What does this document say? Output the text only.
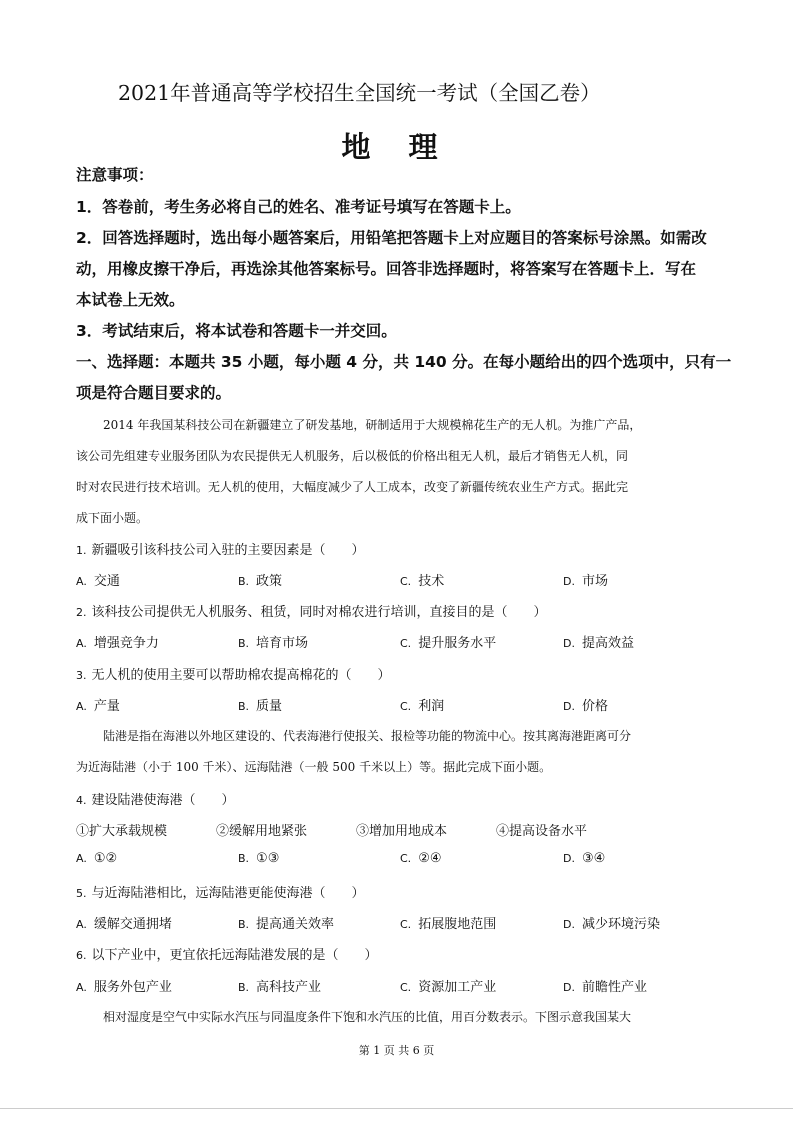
2021年普通高等学校招生全国统一考试（全国乙卷）
地 理
注意事项：
1．答卷前，考生务必将自己的姓名、准考证号填写在答题卡上。
2．回答选择题时，选出每小题答案后，用铅笔把答题卡上对应题目的答案标号涂黑。如需改
动，用橡皮擦干净后，再选涂其他答案标号。回答非选择题时，将答案写在答题卡上．写在
本试卷上无效。
3．考试结束后，将本试卷和答题卡一并交回。
一、选择题：本题共 35 小题，每小题 4 分，共 140 分。在每小题给出的四个选项中，只有一
项是符合题目要求的。
2014 年我国某科技公司在新疆建立了研发基地，研制适用于大规模棉花生产的无人机。为推广产品，
该公司先组建专业服务团队为农民提供无人机服务，后以极低的价格出租无人机，最后才销售无人机，同
时对农民进行技术培训。无人机的使用，大幅度减少了人工成本，改变了新疆传统农业生产方式。据此完
成下面小题。
1. 新疆吸引该科技公司入驻的主要因素是（　　）
A. 交通	B. 政策	C. 技术	D. 市场
2. 该科技公司提供无人机服务、租赁，同时对棉农进行培训，直接目的是（　　）
A. 增强竞争力	B. 培育市场	C. 提升服务水平	D. 提高效益
3. 无人机的使用主要可以帮助棉农提高棉花的（　　）
A. 产量	B. 质量	C. 利润	D. 价格
陆港是指在海港以外地区建设的、代表海港行使报关、报检等功能的物流中心。按其离海港距离可分
为近海陆港（小于 100 千米）、远海陆港（一般 500 千米以上）等。据此完成下面小题。
4. 建设陆港使海港（　　）
①扩大承载规模	②缓解用地紧张	③增加用地成本	④提高设备水平
A. ①②	B. ①③	C. ②④	D. ③④
5. 与近海陆港相比，远海陆港更能使海港（　　）
A. 缓解交通拥堵	B. 提高通关效率	C. 拓展腹地范围	D. 减少环境污染
6. 以下产业中，更宜依托远海陆港发展的是（　　）
A. 服务外包产业	B. 高科技产业	C. 资源加工产业	D. 前瞻性产业
相对湿度是空气中实际水汽压与同温度条件下饱和水汽压的比值，用百分数表示。下图示意我国某大
第 1 页 共 6 页
